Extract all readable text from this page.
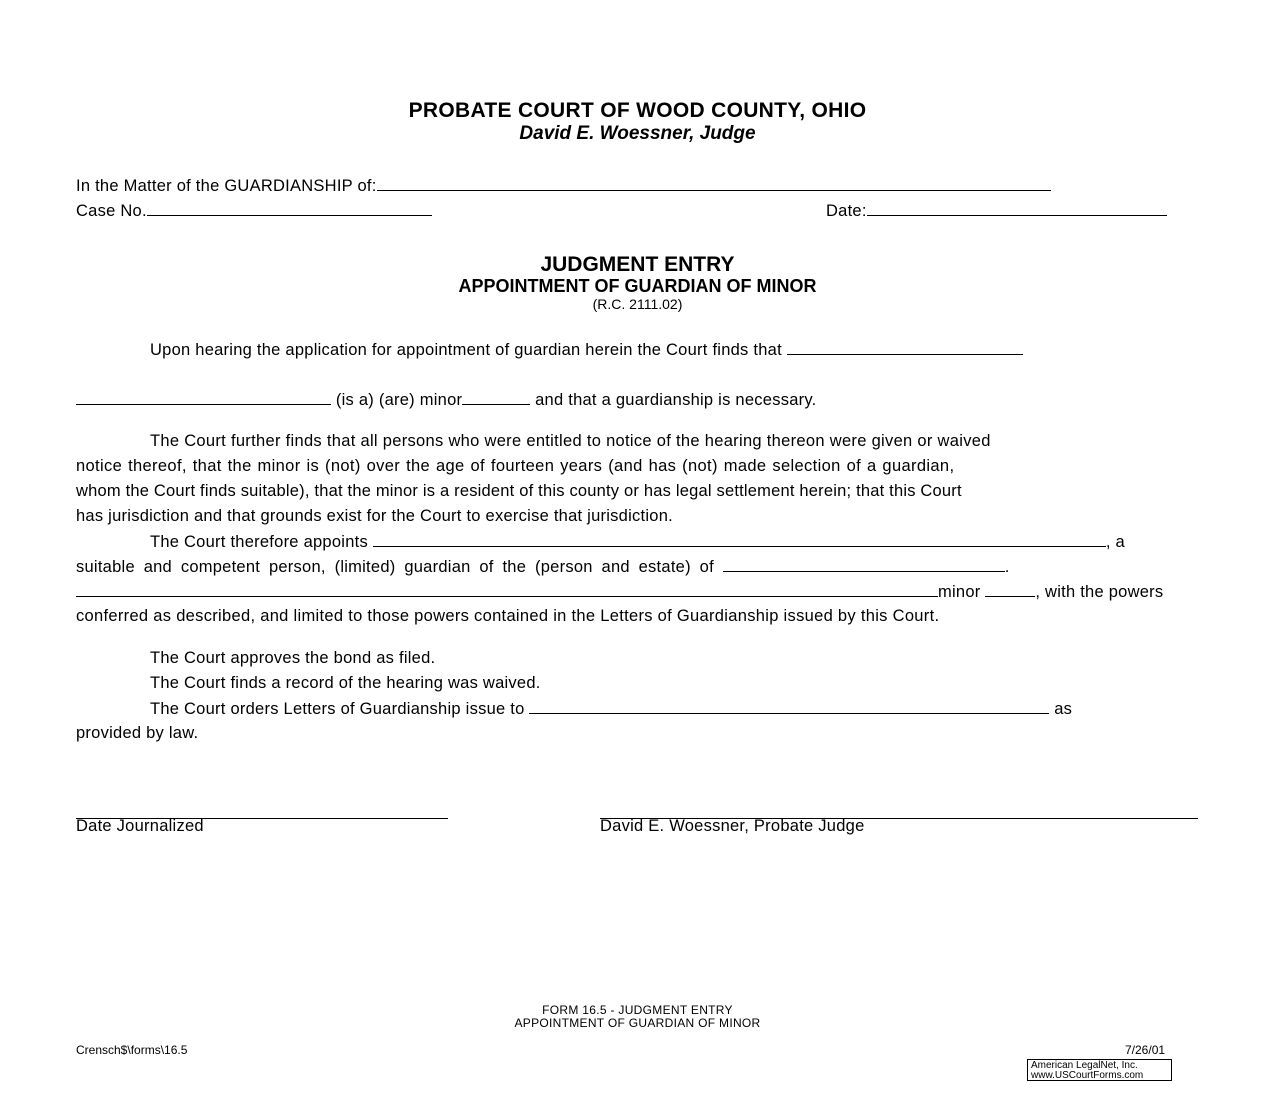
PROBATE COURT OF WOOD COUNTY, OHIO
David E. Woessner, Judge
In the Matter of the GUARDIANSHIP of:
Case No.	Date:
JUDGMENT ENTRY
APPOINTMENT OF GUARDIAN OF MINOR
(R.C. 2111.02)
Upon hearing the application for appointment of guardian herein the Court finds that
(is a) (are) minor	and that a guardianship is necessary.
The Court further finds that all persons who were entitled to notice of the hearing thereon were given or waived
notice thereof, that the minor is (not) over the age of fourteen years (and has (not) made selection of a guardian,
whom the Court finds suitable), that the minor is a resident of this county or has legal settlement herein; that this Court
has jurisdiction and that grounds exist for the Court to exercise that jurisdiction.
The Court therefore appoints	, a
suitable and competent person, (limited) guardian of the (person and estate) of	.
minor	, with the powers
conferred as described, and limited to those powers contained in the Letters of Guardianship issued by this Court.
The Court approves the bond as filed.
The Court finds a record of the hearing was waived.
The Court orders Letters of Guardianship issue to	as
provided by law.
Date Journalized	David E. Woessner, Probate Judge
FORM 16.5 - JUDGMENT ENTRY
APPOINTMENT OF GUARDIAN OF MINOR
Crensch$\forms\16.5	7/26/01
American LegalNet, Inc.
www.USCourtForms.com
